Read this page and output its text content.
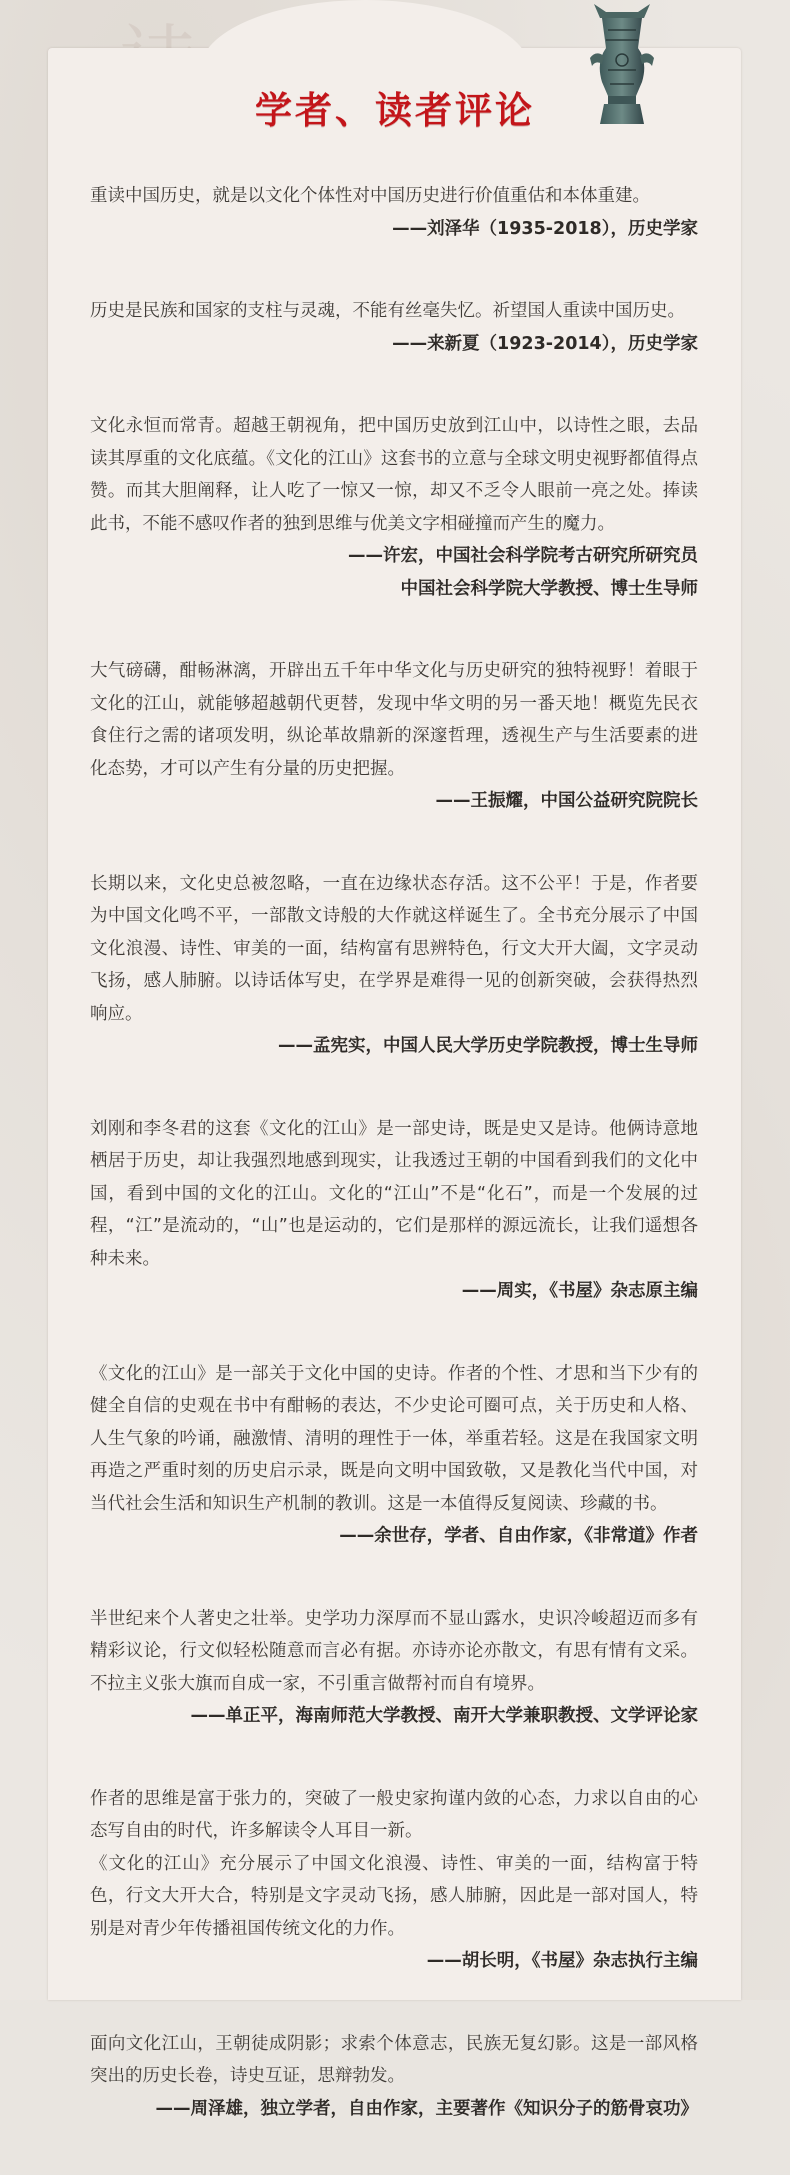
学者、读者评论

重读中国历史，就是以文化个体性对中国历史进行价值重估和本体重建。

——刘泽华（1935-2018），历史学家

历史是民族和国家的支柱与灵魂，不能有丝毫失忆。祈望国人重读中国历史。

——来新夏（1923-2014），历史学家

文化永恒而常青。超越王朝视角，把中国历史放到江山中，以诗性之眼，去品读其厚重的文化底蕴。《文化的江山》这套书的立意与全球文明史视野都值得点赞。而其大胆阐释，让人吃了一惊又一惊，却又不乏令人眼前一亮之处。捧读此书，不能不感叹作者的独到思维与优美文字相碰撞而产生的魔力。

——许宏，中国社会科学院考古研究所研究员

中国社会科学院大学教授、博士生导师

大气磅礴，酣畅淋漓，开辟出五千年中华文化与历史研究的独特视野！着眼于文化的江山，就能够超越朝代更替，发现中华文明的另一番天地！概览先民衣食住行之需的诸项发明，纵论革故鼎新的深邃哲理，透视生产与生活要素的进化态势，才可以产生有分量的历史把握。

——王振耀，中国公益研究院院长

长期以来，文化史总被忽略，一直在边缘状态存活。这不公平！于是，作者要为中国文化鸣不平，一部散文诗般的大作就这样诞生了。全书充分展示了中国文化浪漫、诗性、审美的一面，结构富有思辨特色，行文大开大阖，文字灵动飞扬，感人肺腑。以诗话体写史，在学界是难得一见的创新突破，会获得热烈响应。

——孟宪实，中国人民大学历史学院教授，博士生导师

刘刚和李冬君的这套《文化的江山》是一部史诗，既是史又是诗。他俩诗意地栖居于历史，却让我强烈地感到现实，让我透过王朝的中国看到我们的文化中国，看到中国的文化的江山。文化的“江山”不是“化石”，而是一个发展的过程，“江”是流动的，“山”也是运动的，它们是那样的源远流长，让我们遥想各种未来。

——周实，《书屋》杂志原主编

《文化的江山》是一部关于文化中国的史诗。作者的个性、才思和当下少有的健全自信的史观在书中有酣畅的表达，不少史论可圈可点，关于历史和人格、人生气象的吟诵，融激情、清明的理性于一体，举重若轻。这是在我国家文明再造之严重时刻的历史启示录，既是向文明中国致敬，又是教化当代中国，对当代社会生活和知识生产机制的教训。这是一本值得反复阅读、珍藏的书。

——余世存，学者、自由作家，《非常道》作者

半世纪来个人著史之壮举。史学功力深厚而不显山露水，史识冷峻超迈而多有精彩议论，行文似轻松随意而言必有据。亦诗亦论亦散文，有思有情有文采。不拉主义张大旗而自成一家，不引重言做帮衬而自有境界。

——单正平，海南师范大学教授、南开大学兼职教授、文学评论家

作者的思维是富于张力的，突破了一般史家拘谨内敛的心态，力求以自由的心态写自由的时代，许多解读令人耳目一新。

《文化的江山》充分展示了中国文化浪漫、诗性、审美的一面，结构富于特色，行文大开大合，特别是文字灵动飞扬，感人肺腑，因此是一部对国人，特别是对青少年传播祖国传统文化的力作。

——胡长明，《书屋》杂志执行主编

面向文化江山，王朝徒成阴影；求索个体意志，民族无复幻影。这是一部风格突出的历史长卷，诗史互证，思辩勃发。

——周泽雄，独立学者，自由作家，主要著作《知识分子的筋骨哀功》
